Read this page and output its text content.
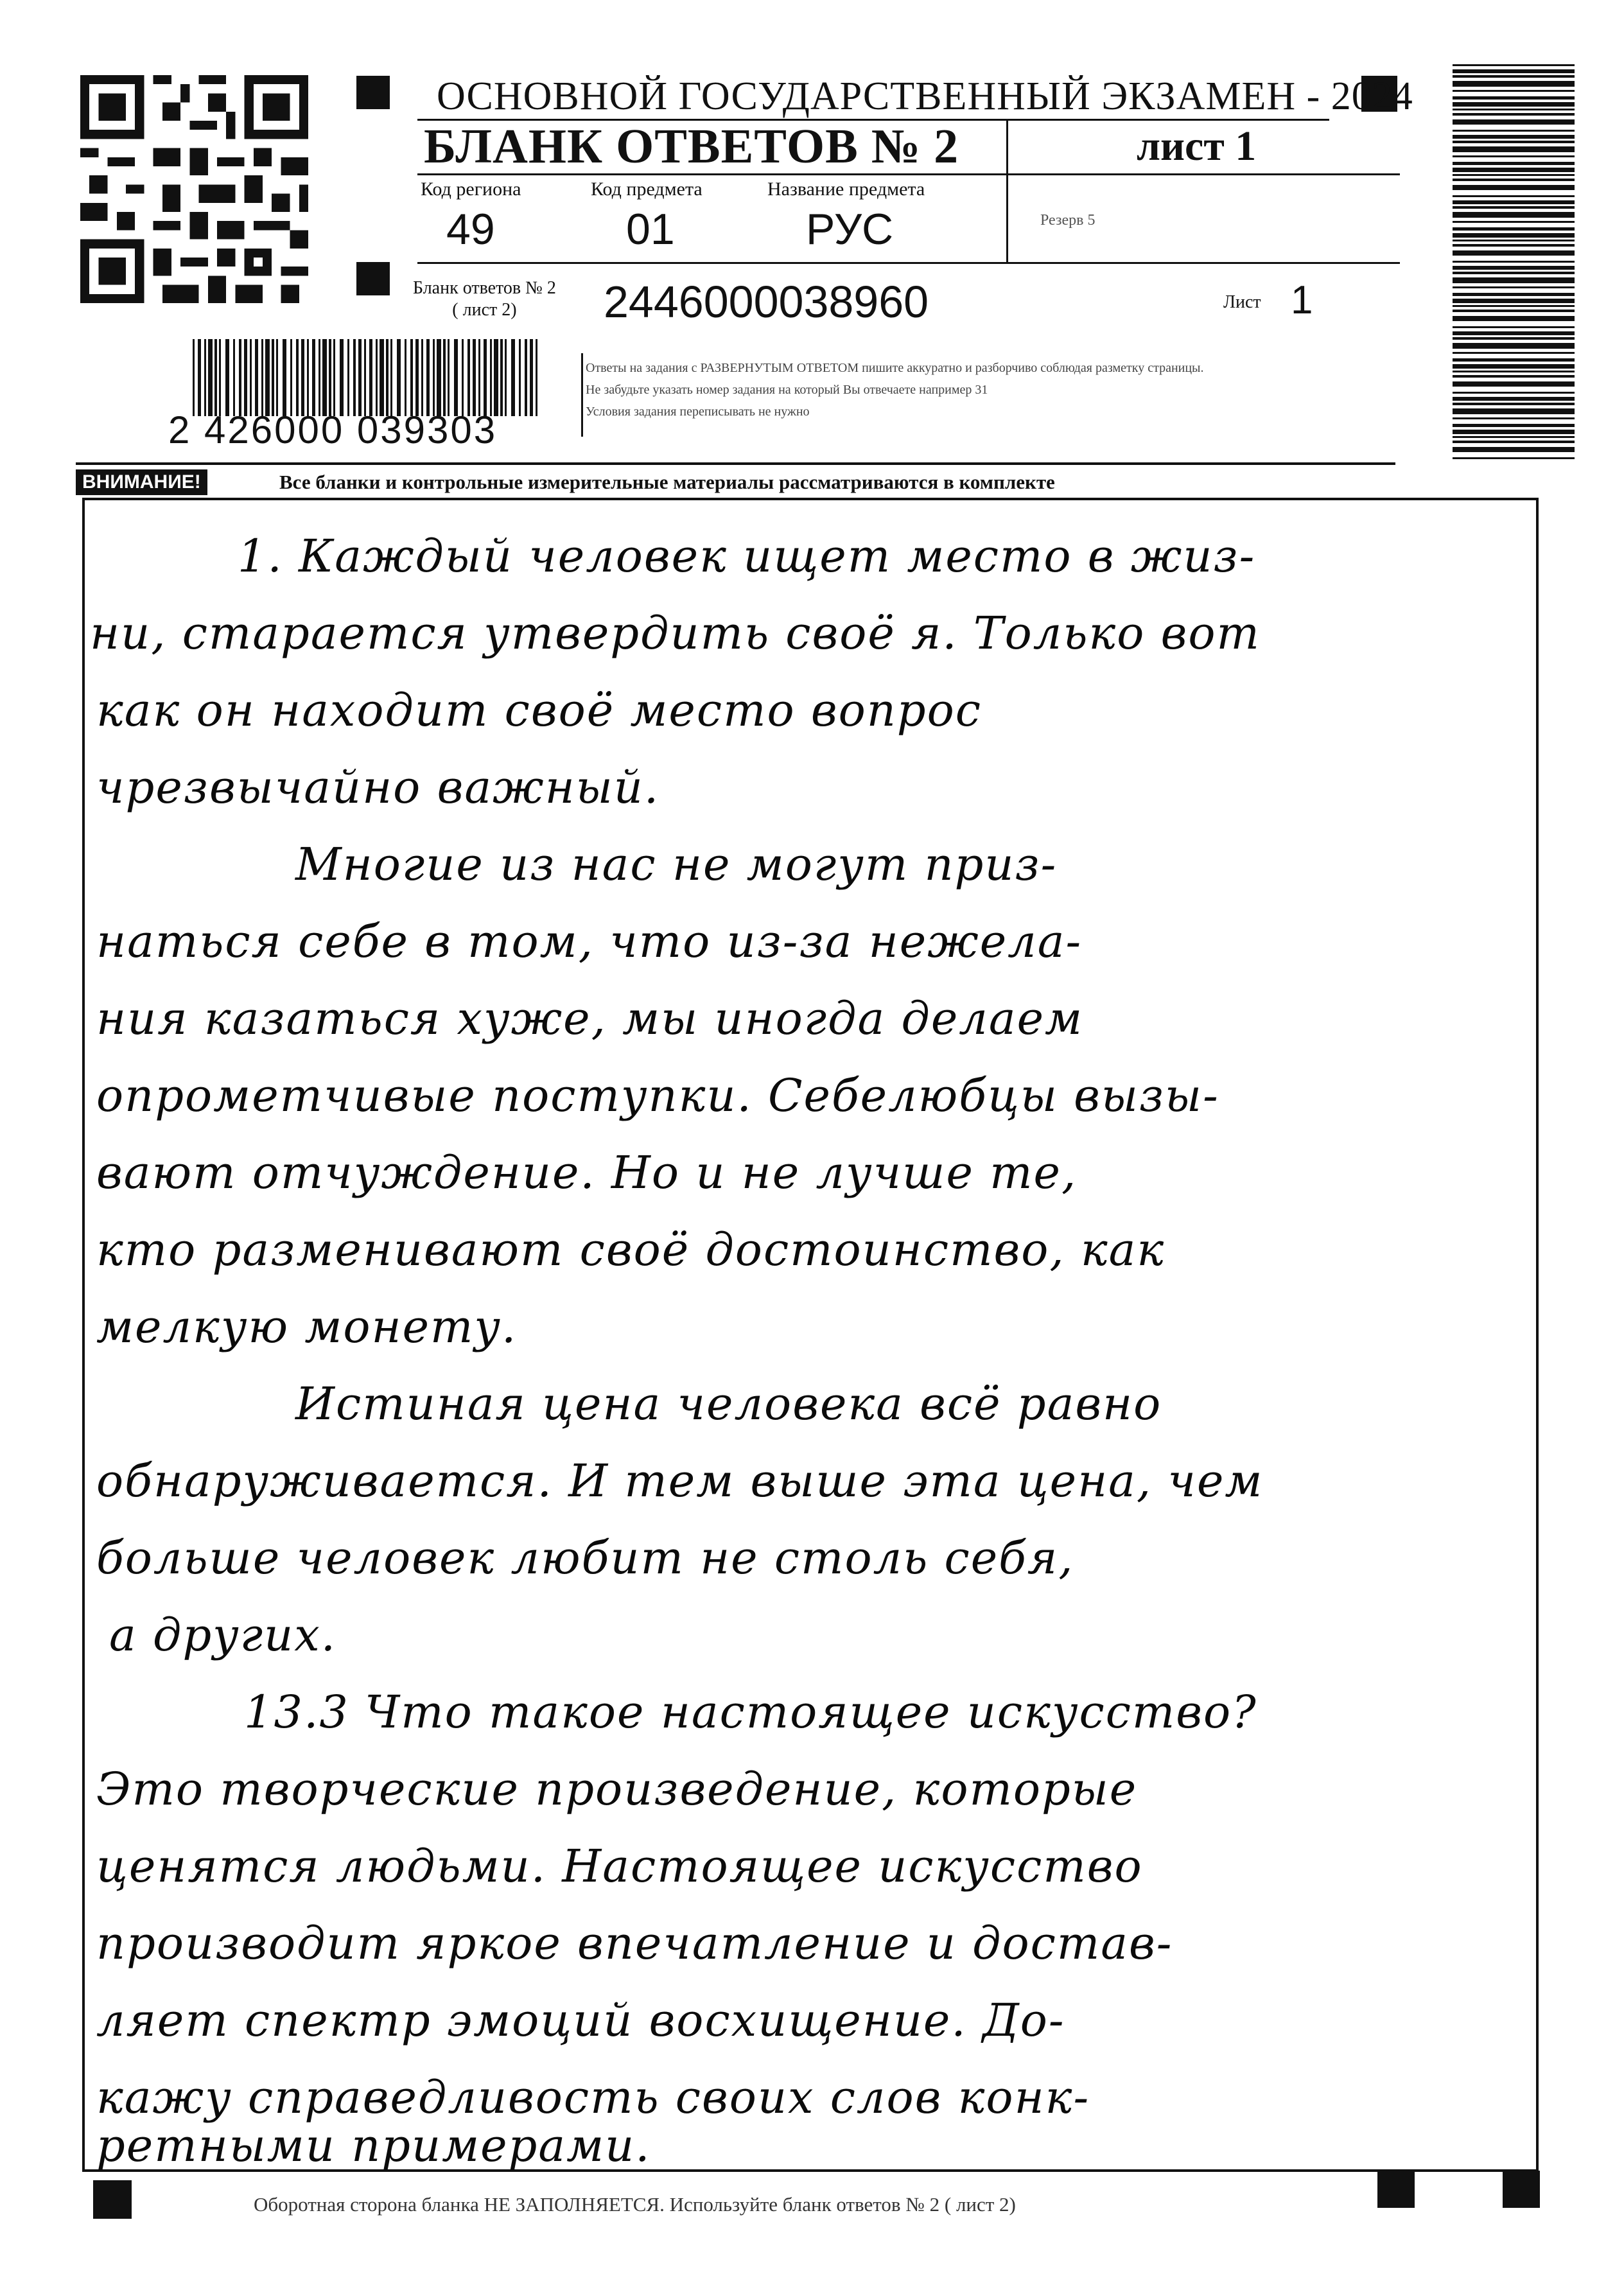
2 426000 039303
ОСНОВНОЙ ГОСУДАРСТВЕННЫЙ ЭКЗАМЕН - 2024
БЛАНК ОТВЕТОВ № 2	лист 1
Код региона
49
Код предмета
01
Название предмета
РУС	Резерв 5
Бланк ответов № 2
( лист 2)	2446000038960	Лист 1
Ответы на задания с РАЗВЕРНУТЫМ ОТВЕТОМ пишите аккуратно и разборчиво соблюдая разметку страницы.
Не забудьте указать номер задания на который Вы отвечаете например 31
Условия задания переписывать не нужно
ВНИМАНИЕ!	Все бланки и контрольные измерительные материалы рассматриваются в комплекте
1. Каждый человек ищет место в жиз-
ни, старается утвердить своё я. Только вот
как он находит своё место вопрос
чрезвычайно важный.
Многие из нас не могут приз-
наться себе в том, что из-за нежела-
ния казаться хуже, мы иногда делаем
опрометчивые поступки. Себелюбцы вызы-
вают отчуждение. Но и не лучше те,
кто разменивают своё достоинство, как
мелкую монету.
Истиная цена человека всё равно
обнаруживается. И тем выше эта цена, чем
больше человек любит не столь себя,
а других.
13.3 Что такое настоящее искусство?
Это творческие произведение, которые
ценятся людьми. Настоящее искусство
производит яркое впечатление и достав-
ляет спектр эмоций восхищение. До-
кажу справедливость своих слов конк-
ретными примерами.
Оборотная сторона бланка НЕ ЗАПОЛНЯЕТСЯ. Используйте бланк ответов № 2 ( лист 2)
